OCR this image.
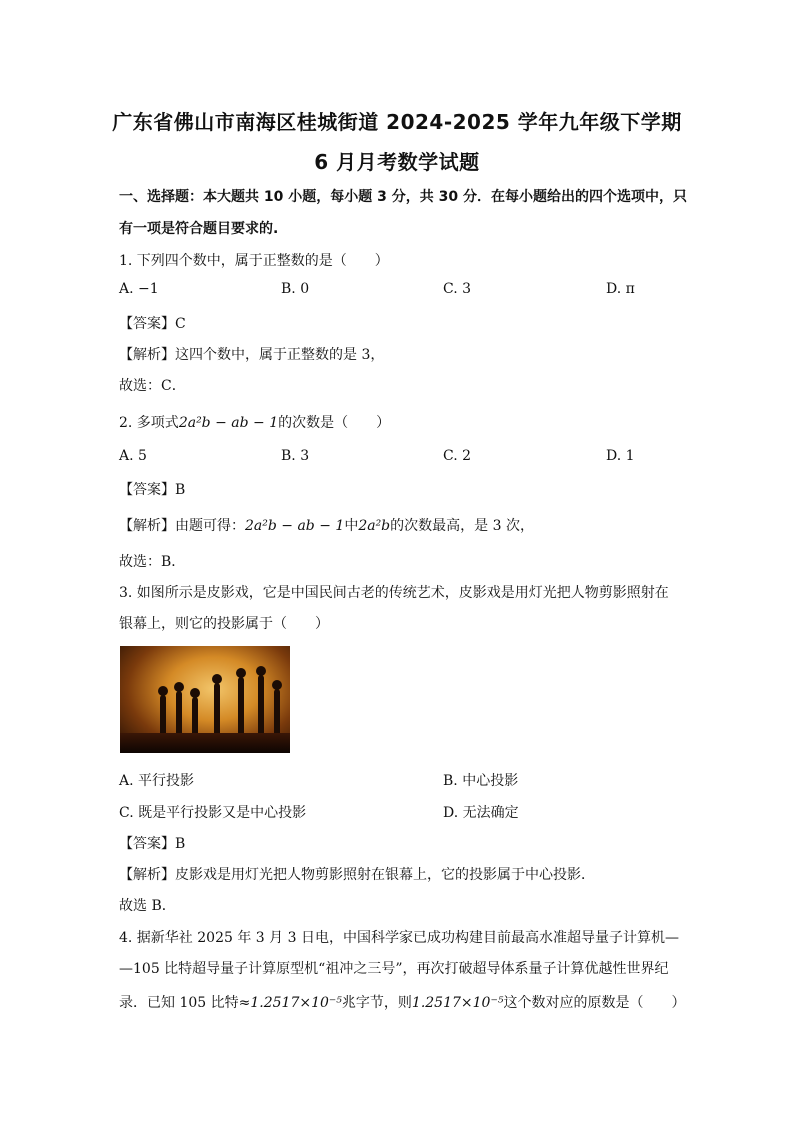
广东省佛山市南海区桂城街道 2024-2025 学年九年级下学期
6 月月考数学试题
一、选择题：本大题共 10 小题，每小题 3 分，共 30 分．在每小题给出的四个选项中，只
有一项是符合题目要求的.
1. 下列四个数中，属于正整数的是（　　）
A. −1	B. 0	C. 3	D. π
【答案】C
【解析】这四个数中，属于正整数的是 3，
故选：C．
2. 多项式2a²b − ab − 1的次数是（　　）
A. 5	B. 3	C. 2	D. 1
【答案】B
【解析】由题可得：2a²b − ab − 1中2a²b的次数最高，是 3 次，
故选：B．
3. 如图所示是皮影戏，它是中国民间古老的传统艺术，皮影戏是用灯光把人物剪影照射在
银幕上，则它的投影属于（　　）
A. 平行投影	B. 中心投影
C. 既是平行投影又是中心投影	D. 无法确定
【答案】B
【解析】皮影戏是用灯光把人物剪影照射在银幕上，它的投影属于中心投影．
故选 B．
4. 据新华社 2025 年 3 月 3 日电，中国科学家已成功构建目前最高水准超导量子计算机—
—105 比特超导量子计算原型机“祖冲之三号”，再次打破超导体系量子计算优越性世界纪
录．已知 105 比特≈1.2517×10⁻⁵兆字节，则1.2517×10⁻⁵这个数对应的原数是（　　）
